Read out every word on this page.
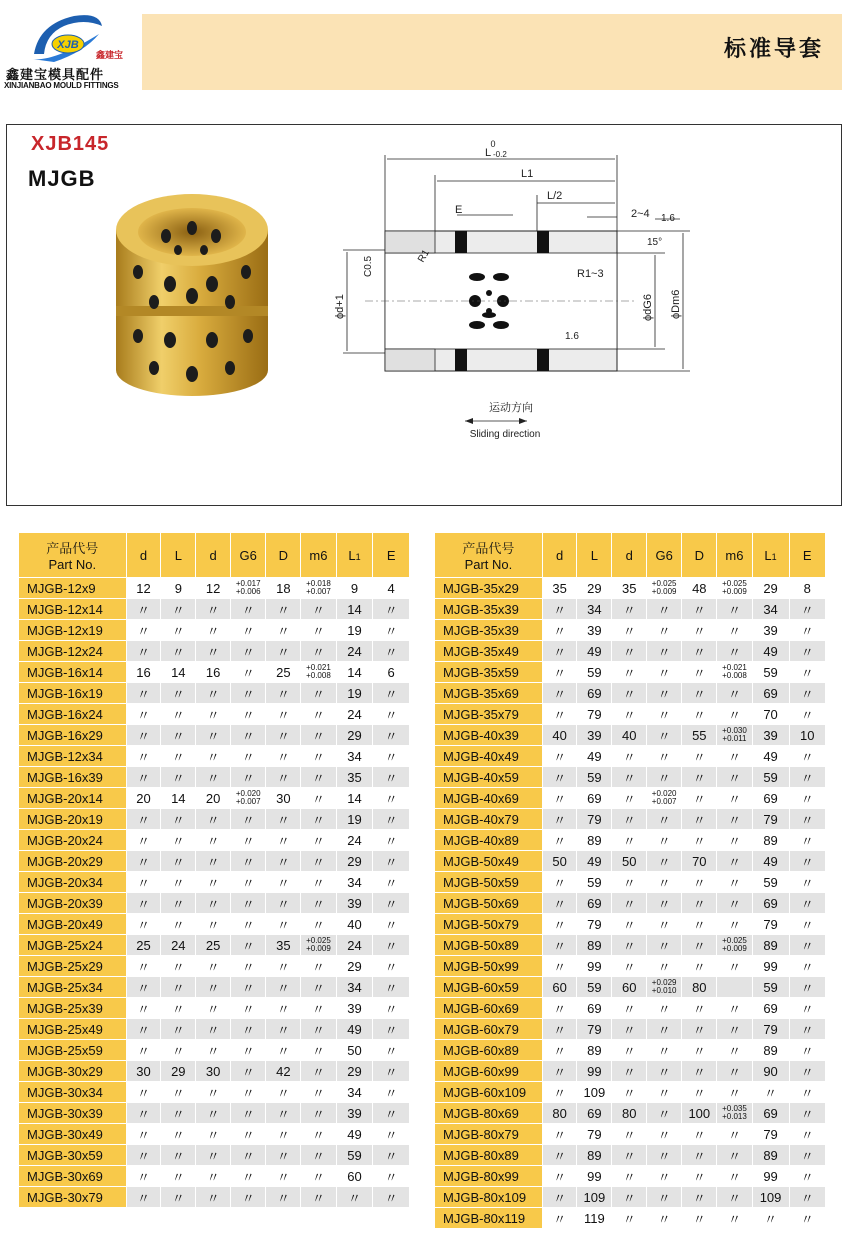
XJB
鑫建宝
鑫建宝模具配件
XINJIANBAO MOULD FITTINGS
标准导套
XJB145
MJGB
0
L -0.2
L1
L/2
E	2~4 1.6
15°
R1~3
1.6
C0.5	R1
ϕd+1	ϕdG6 ϕDm6
运动方向
Sliding direction
产品代号
Part No.	d	L	d	G6	D	m6	L1	E
MJGB-12x9	12	9	12	+0.017
+0.006	18	+0.018
+0.007	9	4
MJGB-12x14	〃	〃	〃	〃	〃	〃	14	〃
MJGB-12x19	〃	〃	〃	〃	〃	〃	19	〃
MJGB-12x24	〃	〃	〃	〃	〃	〃	24	〃
MJGB-16x14	16	14	16	〃	25	+0.021
+0.008	14	6
MJGB-16x19	〃	〃	〃	〃	〃	〃	19	〃
MJGB-16x24	〃	〃	〃	〃	〃	〃	24	〃
MJGB-16x29	〃	〃	〃	〃	〃	〃	29	〃
MJGB-12x34	〃	〃	〃	〃	〃	〃	34	〃
MJGB-16x39	〃	〃	〃	〃	〃	〃	35	〃
MJGB-20x14	20	14	20	+0.020
+0.007	30	〃	14	〃
MJGB-20x19	〃	〃	〃	〃	〃	〃	19	〃
MJGB-20x24	〃	〃	〃	〃	〃	〃	24	〃
MJGB-20x29	〃	〃	〃	〃	〃	〃	29	〃
MJGB-20x34	〃	〃	〃	〃	〃	〃	34	〃
MJGB-20x39	〃	〃	〃	〃	〃	〃	39	〃
MJGB-20x49	〃	〃	〃	〃	〃	〃	40	〃
MJGB-25x24	25	24	25	〃	35	+0.025
+0.009	24	〃
MJGB-25x29	〃	〃	〃	〃	〃	〃	29	〃
MJGB-25x34	〃	〃	〃	〃	〃	〃	34	〃
MJGB-25x39	〃	〃	〃	〃	〃	〃	39	〃
MJGB-25x49	〃	〃	〃	〃	〃	〃	49	〃
MJGB-25x59	〃	〃	〃	〃	〃	〃	50	〃
MJGB-30x29	30	29	30	〃	42	〃	29	〃
MJGB-30x34	〃	〃	〃	〃	〃	〃	34	〃
MJGB-30x39	〃	〃	〃	〃	〃	〃	39	〃
MJGB-30x49	〃	〃	〃	〃	〃	〃	49	〃
MJGB-30x59	〃	〃	〃	〃	〃	〃	59	〃
MJGB-30x69	〃	〃	〃	〃	〃	〃	60	〃
MJGB-30x79	〃	〃	〃	〃	〃	〃	〃	〃
产品代号
Part No.	d	L	d	G6	D	m6	L1	E
MJGB-35x29	35	29	35	+0.025
+0.009	48	+0.025
+0.009	29	8
MJGB-35x39	〃	34	〃	〃	〃	〃	34	〃
MJGB-35x39	〃	39	〃	〃	〃	〃	39	〃
MJGB-35x49	〃	49	〃	〃	〃	〃	49	〃
MJGB-35x59	〃	59	〃	〃	〃	+0.021
+0.008	59	〃
MJGB-35x69	〃	69	〃	〃	〃	〃	69	〃
MJGB-35x79	〃	79	〃	〃	〃	〃	70	〃
MJGB-40x39	40	39	40	〃	55	+0.030
+0.011	39	10
MJGB-40x49	〃	49	〃	〃	〃	〃	49	〃
MJGB-40x59	〃	59	〃	〃	〃	〃	59	〃
MJGB-40x69	〃	69	〃	+0.020
+0.007	〃	〃	69	〃
MJGB-40x79	〃	79	〃	〃	〃	〃	79	〃
MJGB-40x89	〃	89	〃	〃	〃	〃	89	〃
MJGB-50x49	50	49	50	〃	70	〃	49	〃
MJGB-50x59	〃	59	〃	〃	〃	〃	59	〃
MJGB-50x69	〃	69	〃	〃	〃	〃	69	〃
MJGB-50x79	〃	79	〃	〃	〃	〃	79	〃
MJGB-50x89	〃	89	〃	〃	〃	+0.025
+0.009	89	〃
MJGB-50x99	〃	99	〃	〃	〃	〃	99	〃
MJGB-60x59	60	59	60	+0.029
+0.010	80		59	〃
MJGB-60x69	〃	69	〃	〃	〃	〃	69	〃
MJGB-60x79	〃	79	〃	〃	〃	〃	79	〃
MJGB-60x89	〃	89	〃	〃	〃	〃	89	〃
MJGB-60x99	〃	99	〃	〃	〃	〃	90	〃
MJGB-60x109	〃	109	〃	〃	〃	〃	〃	〃
MJGB-80x69	80	69	80	〃	100	+0.035
+0.013	69	〃
MJGB-80x79	〃	79	〃	〃	〃	〃	79	〃
MJGB-80x89	〃	89	〃	〃	〃	〃	89	〃
MJGB-80x99	〃	99	〃	〃	〃	〃	99	〃
MJGB-80x109	〃	109	〃	〃	〃	〃	109	〃
MJGB-80x119	〃	119	〃	〃	〃	〃	〃	〃
